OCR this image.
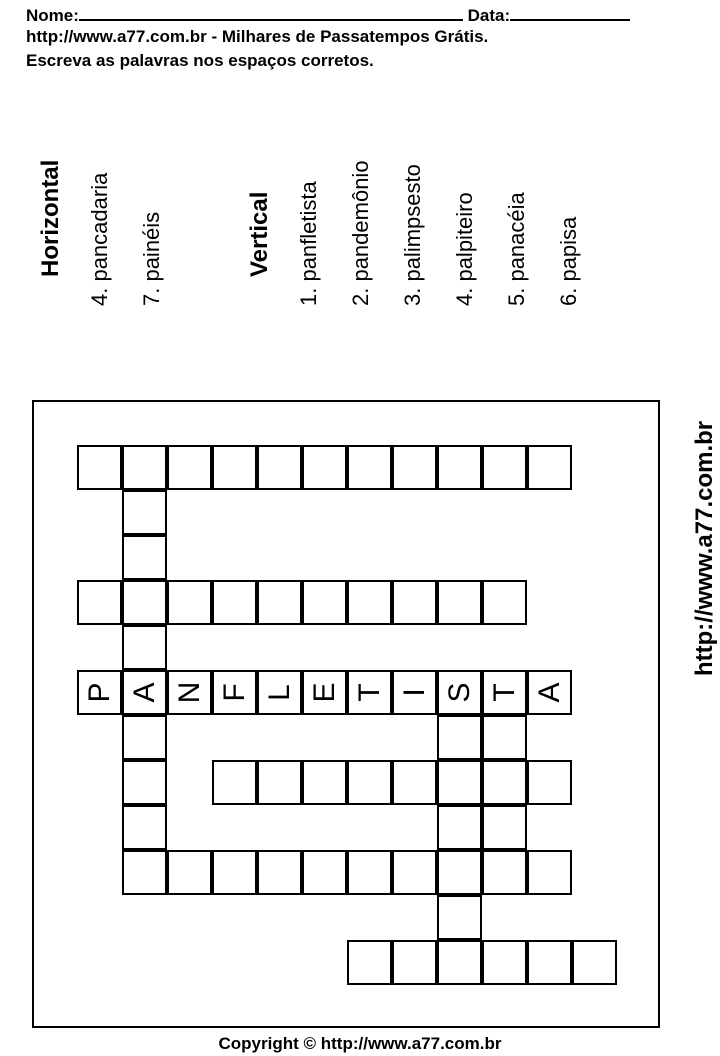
Nome:	Data:
http://www.a77.com.br - Milhares de Passatempos Grátis.
Escreva as palavras nos espaços corretos.
Horizontal 4. pancadaria 7. painéis	Vertical 1. panfletista 2. pandemônio 3. palimpsesto 4. palpiteiro 5. panacéia 6. papisa
http://www.a77.com.br
P A N F L E T I S T A
Copyright © http://www.a77.com.br
